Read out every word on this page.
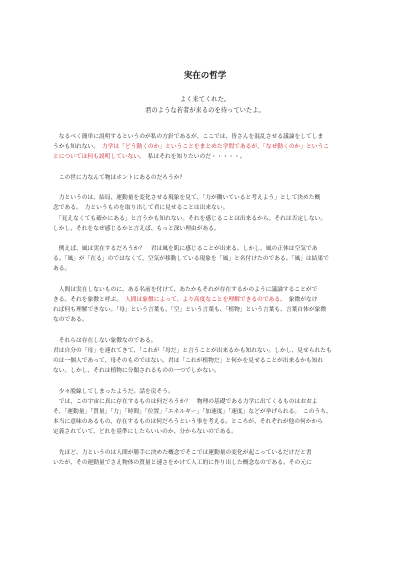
実在の哲学
よく来てくれた。
君のような若者が来るのを待っていたよ。
　なるべく簡単に説明するというのが私の方針であるが、ここでは、皆さんを混乱させる議論をしてしま
うかも知れない。　力学は「どう動くのか」ということをまとめた学問であるが、「なぜ動くのか」というこ
とについては何も説明していない。　私はそれを知りたいのだ・・・・・。
　この世に力なんて物はホントにあるのだろうか？
　力というのは、結局、運動量を変化させる現象を見て、「力が働いていると考えよう」として決めた概
念である。　力というものを取り出して君に見せることは出来ない。
　「見えなくても確かにある」と言うかも知れない。それを感じることは出来るから。それは否定しない。
しかし、それをなぜ感じるかと言えば、もっと深い理由がある。
　例えば、風は実在するだろうか？　君は風を肌に感じることが出来る。しかし、風の正体は空気であ
る。「風」が「在る」のではなくて、空気が移動している現象を「風」と名付けたのである。「風」は結果で
ある。
　人間は実在しないものに、ある名前を付けて、あたかもそれが存在するかのように議論することがで
きる。それを象徴と呼ぶ。　人間は象徴によって、より高度なことを理解できるのである。　象徴がなけ
れば何も理解できない。「母」という言葉も、「空」という言葉も、「植物」という言葉も、言葉自体が象徴
なのである。
　それらは存在しない象徴なのである。
君は自分の「母」を連れてきて、「これが「母だ」と言うことが出来るかも知れない。しかし、見せられたも
のは一個人であって、母そのものではない。君は「これが植物だ」と何かを見せることが出来るかも知れ
ない。しかし、それは植物に分類されるものの一つでしかない。
　少々脱線してしまったようだ。話を戻そう。
　では、この宇宙に真に存在するものは何だろうか？　物理の基礎である力学に出てくるものはおおよ
そ、「運動量」「質量」「力」「時間」「位置」「エネルギー」「加速度」「速度」などが挙げられる。　このうち、
本当に意味のあるもの、存在するものは何だろうという事を考える。ところが、それぞれが他の何かから
定義されていて、どれを基準にしたらいいのか、分からないのである。
　先ほど、力というのは人間が勝手に決めた概念でそこでは運動量の変化が起こっているだけだと書
いたが、その運動量でさえ物体の質量と速さをかけて人工的に作り出した概念なのである。その元に
